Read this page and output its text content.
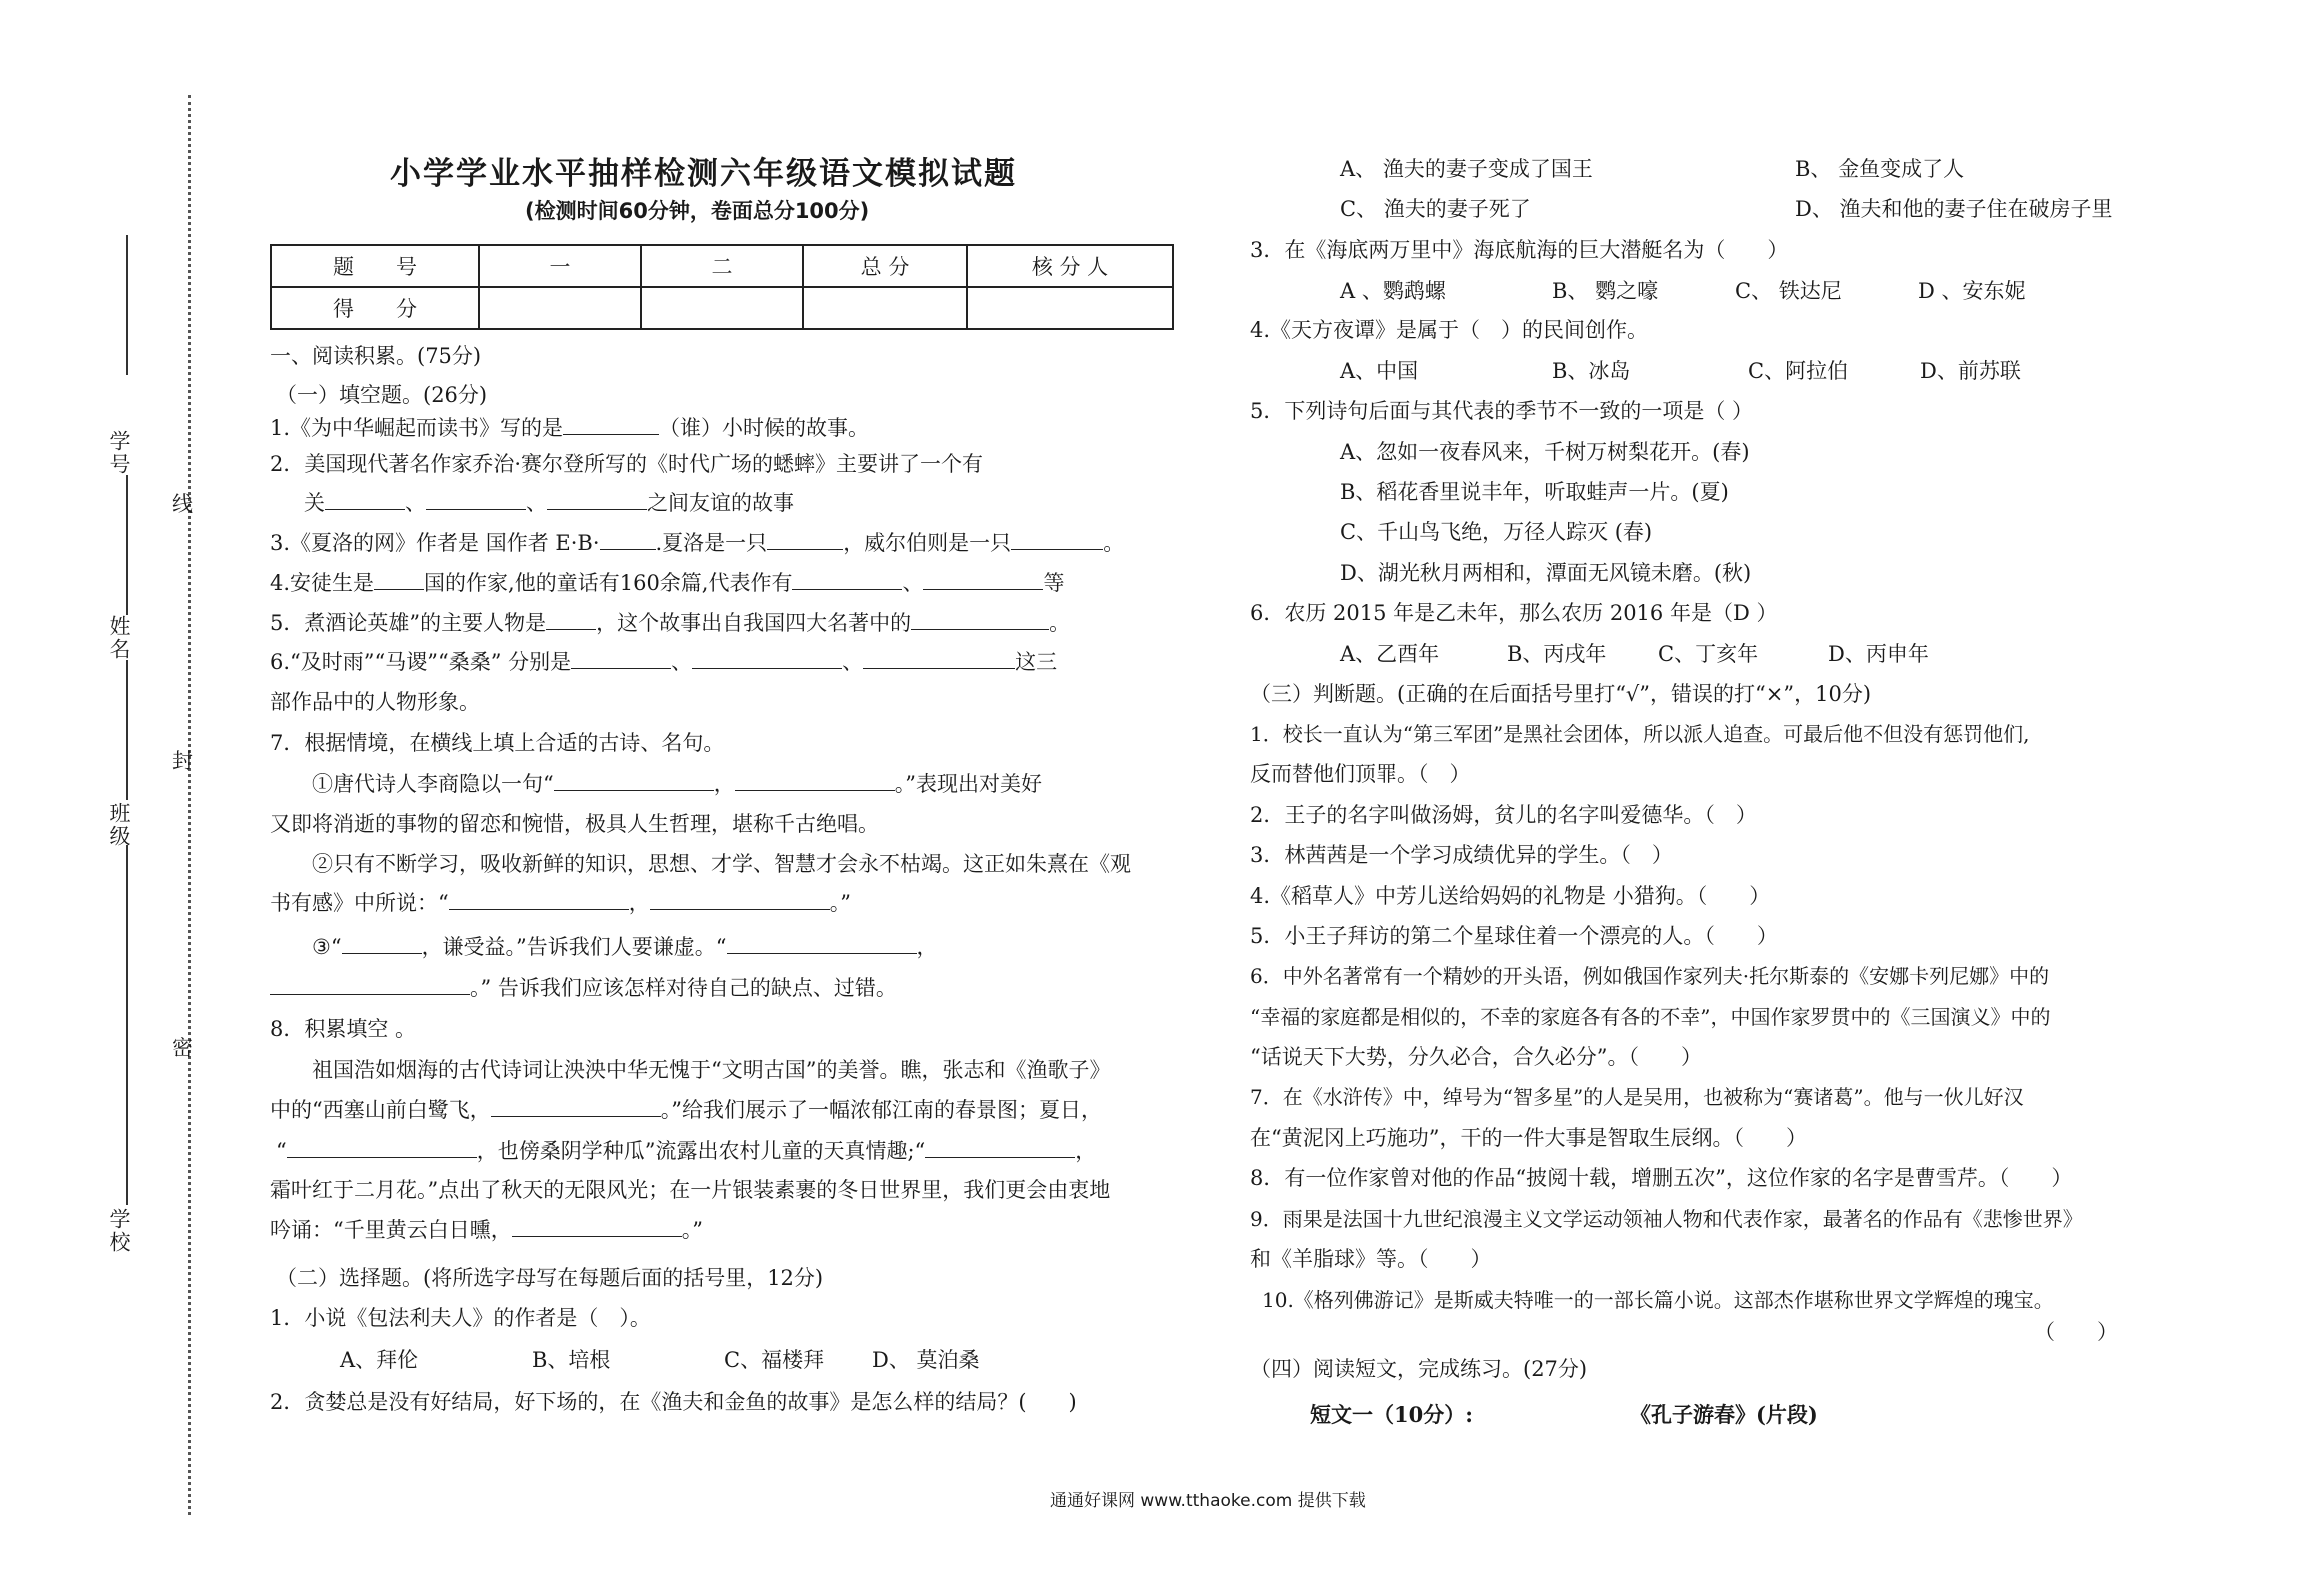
学号
姓名
班级
学校
线
封
密
小学学业水平抽样检测六年级语文模拟试题
(检测时间60分钟，卷面总分100分)
题　　号	一	二	总 分	核 分 人
得　　分				
一、阅读积累。(75分)
（一）填空题。(26分)
1.《为中华崛起而读书》写的是	（谁）小时候的故事。
2．美国现代著名作家乔治·赛尔登所写的《时代广场的蟋蟀》主要讲了一个有
关	、	、	之间友谊的故事
3.《夏洛的网》作者是 国作者 E·B·	.夏洛是一只	，威尔伯则是一只	。
4.安徒生是 国的作家,他的童话有160余篇,代表作有	、	等
5．煮酒论英雄”的主要人物是 ，这个故事出自我国四大名著中的	。
6.“及时雨”“马谡”“桑桑” 分别是	、	、	这三
部作品中的人物形象。
7．根据情境，在横线上填上合适的古诗、名句。
①唐代诗人李商隐以一句“	，	。”表现出对美好
又即将消逝的事物的留恋和惋惜，极具人生哲理，堪称千古绝唱。
②只有不断学习，吸收新鲜的知识，思想、才学、智慧才会永不枯竭。这正如朱熹在《观
书有感》中所说：“	，	。”
③“	，谦受益。”告诉我们人要谦虚。“	，
。” 告诉我们应该怎样对待自己的缺点、过错。
8．积累填空 。
祖国浩如烟海的古代诗词让泱泱中华无愧于“文明古国”的美誉。瞧，张志和《渔歌子》
中的“西塞山前白鹭飞，	。”给我们展示了一幅浓郁江南的春景图；夏日，
“	，也傍桑阴学种瓜”流露出农村儿童的天真情趣;“	，
霜叶红于二月花。”点出了秋天的无限风光；在一片银装素裹的冬日世界里，我们更会由衷地
吟诵：“千里黄云白日曛，	。”
（二）选择题。(将所选字母写在每题后面的括号里，12分)
1．小说《包法利夫人》的作者是（　）。
A、拜伦	B、培根	C、福楼拜 D、 莫泊桑
2．贪婪总是没有好结局，好下场的，在《渔夫和金鱼的故事》是怎么样的结局？(　　)
A、 渔夫的妻子变成了国王	B、 金鱼变成了人
C、 渔夫的妻子死了	D、 渔夫和他的妻子住在破房子里
3．在《海底两万里中》海底航海的巨大潜艇名为（　　）
A 、鹦鹉螺	B、 鹦之嚎	C、 铁达尼	D 、安东妮
4.《天方夜谭》是属于（　）的民间创作。
A、中国	B、冰岛	C、阿拉伯	D、前苏联
5．下列诗句后面与其代表的季节不一致的一项是（ ）
A、忽如一夜春风来，千树万树梨花开。(春)
B、稻花香里说丰年，听取蛙声一片。(夏)
C、千山鸟飞绝，万径人踪灭 (春)
D、湖光秋月两相和，潭面无风镜未磨。(秋)
6．农历 2015 年是乙未年，那么农历 2016 年是（D ）
A、乙酉年	B、丙戌年 C、丁亥年	D、丙申年
（三）判断题。(正确的在后面括号里打“√”，错误的打“×”，10分)
1．校长一直认为“第三军团”是黑社会团体，所以派人追查。可最后他不但没有惩罚他们,
反而替他们顶罪。（　）
2．王子的名字叫做汤姆，贫儿的名字叫爱德华。（　）
3．林茜茜是一个学习成绩优异的学生。（　）
4.《稻草人》中芳儿送给妈妈的礼物是 小猎狗。（　　）
5．小王子拜访的第二个星球住着一个漂亮的人。（　　）
6．中外名著常有一个精妙的开头语，例如俄国作家列夫·托尔斯泰的《安娜卡列尼娜》中的
“幸福的家庭都是相似的，不幸的家庭各有各的不幸”，中国作家罗贯中的《三国演义》中的
“话说天下大势，分久必合，合久必分”。（　　）
7．在《水浒传》中，绰号为“智多星”的人是吴用，也被称为“赛诸葛”。他与一伙儿好汉
在“黄泥冈上巧施功”，干的一件大事是智取生辰纲。（　　）
8．有一位作家曾对他的作品“披阅十载，增删五次”，这位作家的名字是曹雪芹。（　　）
9．雨果是法国十九世纪浪漫主义文学运动领袖人物和代表作家，最著名的作品有《悲惨世界》
和《羊脂球》等。（　　）
10.《格列佛游记》是斯威夫特唯一的一部长篇小说。这部杰作堪称世界文学辉煌的瑰宝。
（　　）
（四）阅读短文，完成练习。(27分)
短文一（10分）:	《孔子游春》(片段)
通通好课网 www.tthaoke.com 提供下载
